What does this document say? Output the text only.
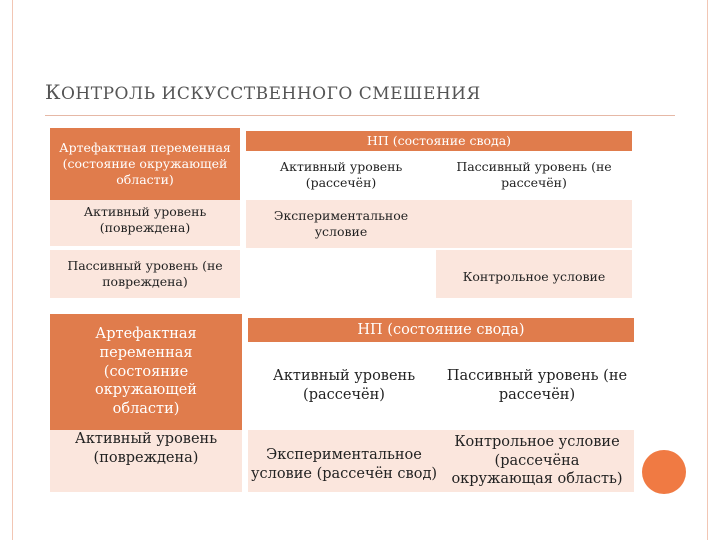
КОНТРОЛЬ ИСКУССТВЕННОГО СМЕШЕНИЯ
Артефактная переменная (состояние окружающей области)
НП (состояние свода)
Активный уровень (рассечён)
Пассивный уровень (не рассечён)
Активный уровень (повреждена)
Экспериментальное условие
Пассивный уровень (не повреждена)	Контрольное условие
Артефактная переменная (состояние окружающей области)
НП (состояние свода)
Активный уровень (рассечён)
Пассивный уровень (не рассечён)
Активный уровень (повреждена)	Экспериментальное условие (рассечён свод)
Контрольное условие (рассечёна окружающая область)
